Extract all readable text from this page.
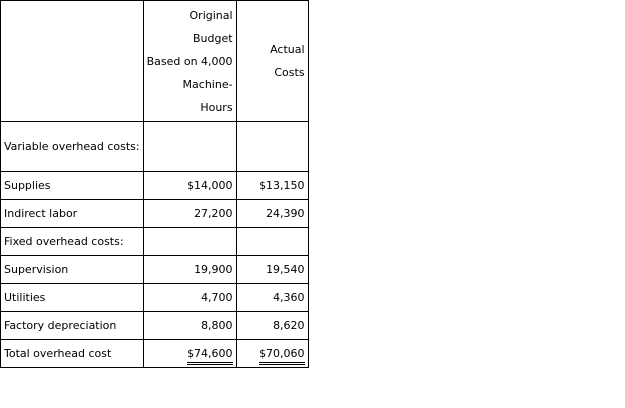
	Original
Budget
Based on 4,000
Machine-
Hours	Actual
Costs

Variable overhead costs:		
Supplies	$14,000	$13,150
Indirect labor	27,200	24,390
Fixed overhead costs:		
Supervision	19,900	19,540
Utilities	4,700	4,360
Factory depreciation	8,800	8,620
Total overhead cost	$74,600	$70,060
